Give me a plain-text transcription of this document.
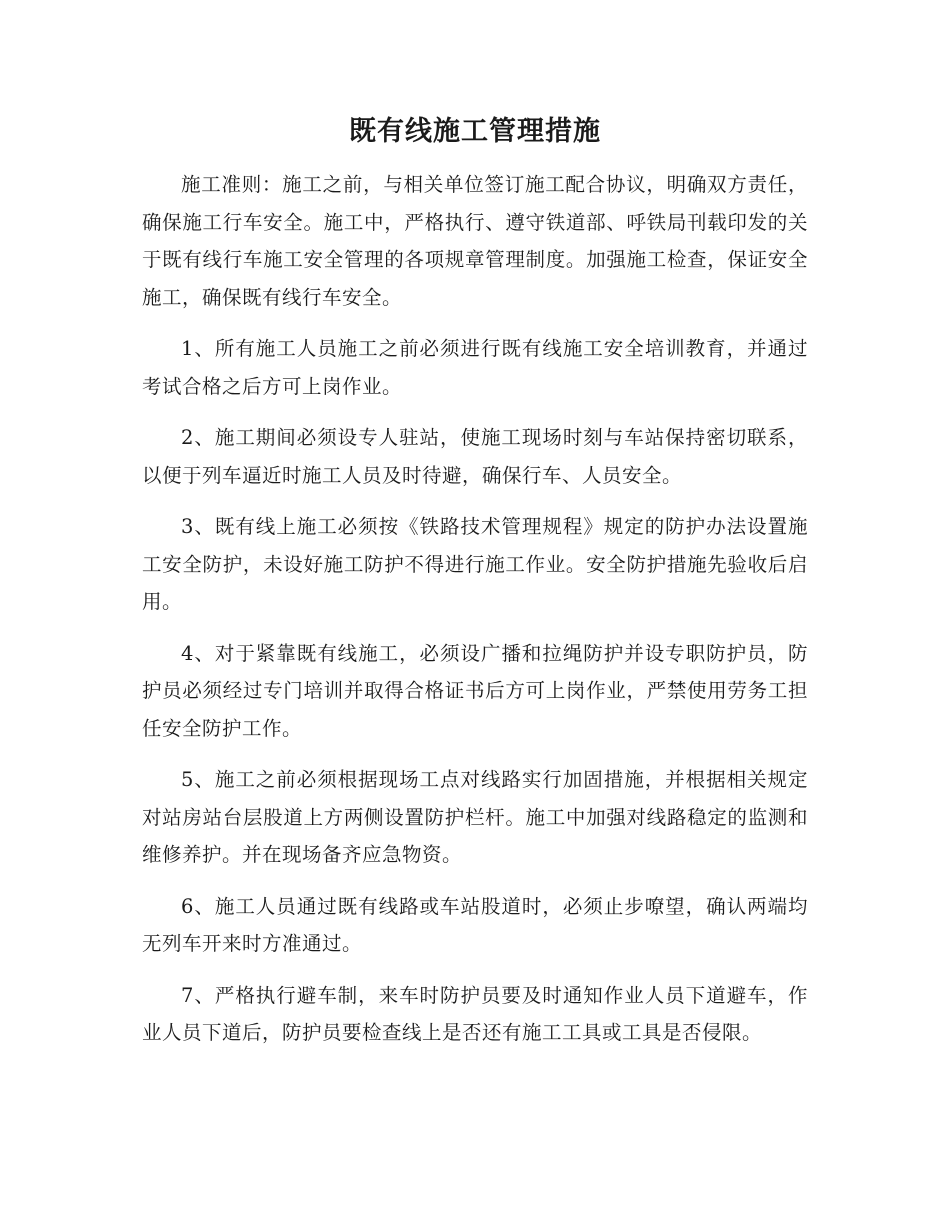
既有线施工管理措施

施工准则：施工之前，与相关单位签订施工配合协议，明确双方责任，确保施工行车安全。施工中，严格执行、遵守铁道部、呼铁局刊载印发的关于既有线行车施工安全管理的各项规章管理制度。加强施工检查，保证安全施工，确保既有线行车安全。

1、所有施工人员施工之前必须进行既有线施工安全培训教育，并通过考试合格之后方可上岗作业。

2、施工期间必须设专人驻站，使施工现场时刻与车站保持密切联系，以便于列车逼近时施工人员及时待避，确保行车、人员安全。

3、既有线上施工必须按《铁路技术管理规程》规定的防护办法设置施工安全防护，未设好施工防护不得进行施工作业。安全防护措施先验收后启用。

4、对于紧靠既有线施工，必须设广播和拉绳防护并设专职防护员，防护员必须经过专门培训并取得合格证书后方可上岗作业，严禁使用劳务工担任安全防护工作。

5、施工之前必须根据现场工点对线路实行加固措施，并根据相关规定对站房站台层股道上方两侧设置防护栏杆。施工中加强对线路稳定的监测和维修养护。并在现场备齐应急物资。

6、施工人员通过既有线路或车站股道时，必须止步嘹望，确认两端均无列车开来时方准通过。

7、严格执行避车制，来车时防护员要及时通知作业人员下道避车，作业人员下道后，防护员要检查线上是否还有施工工具或工具是否侵限。
